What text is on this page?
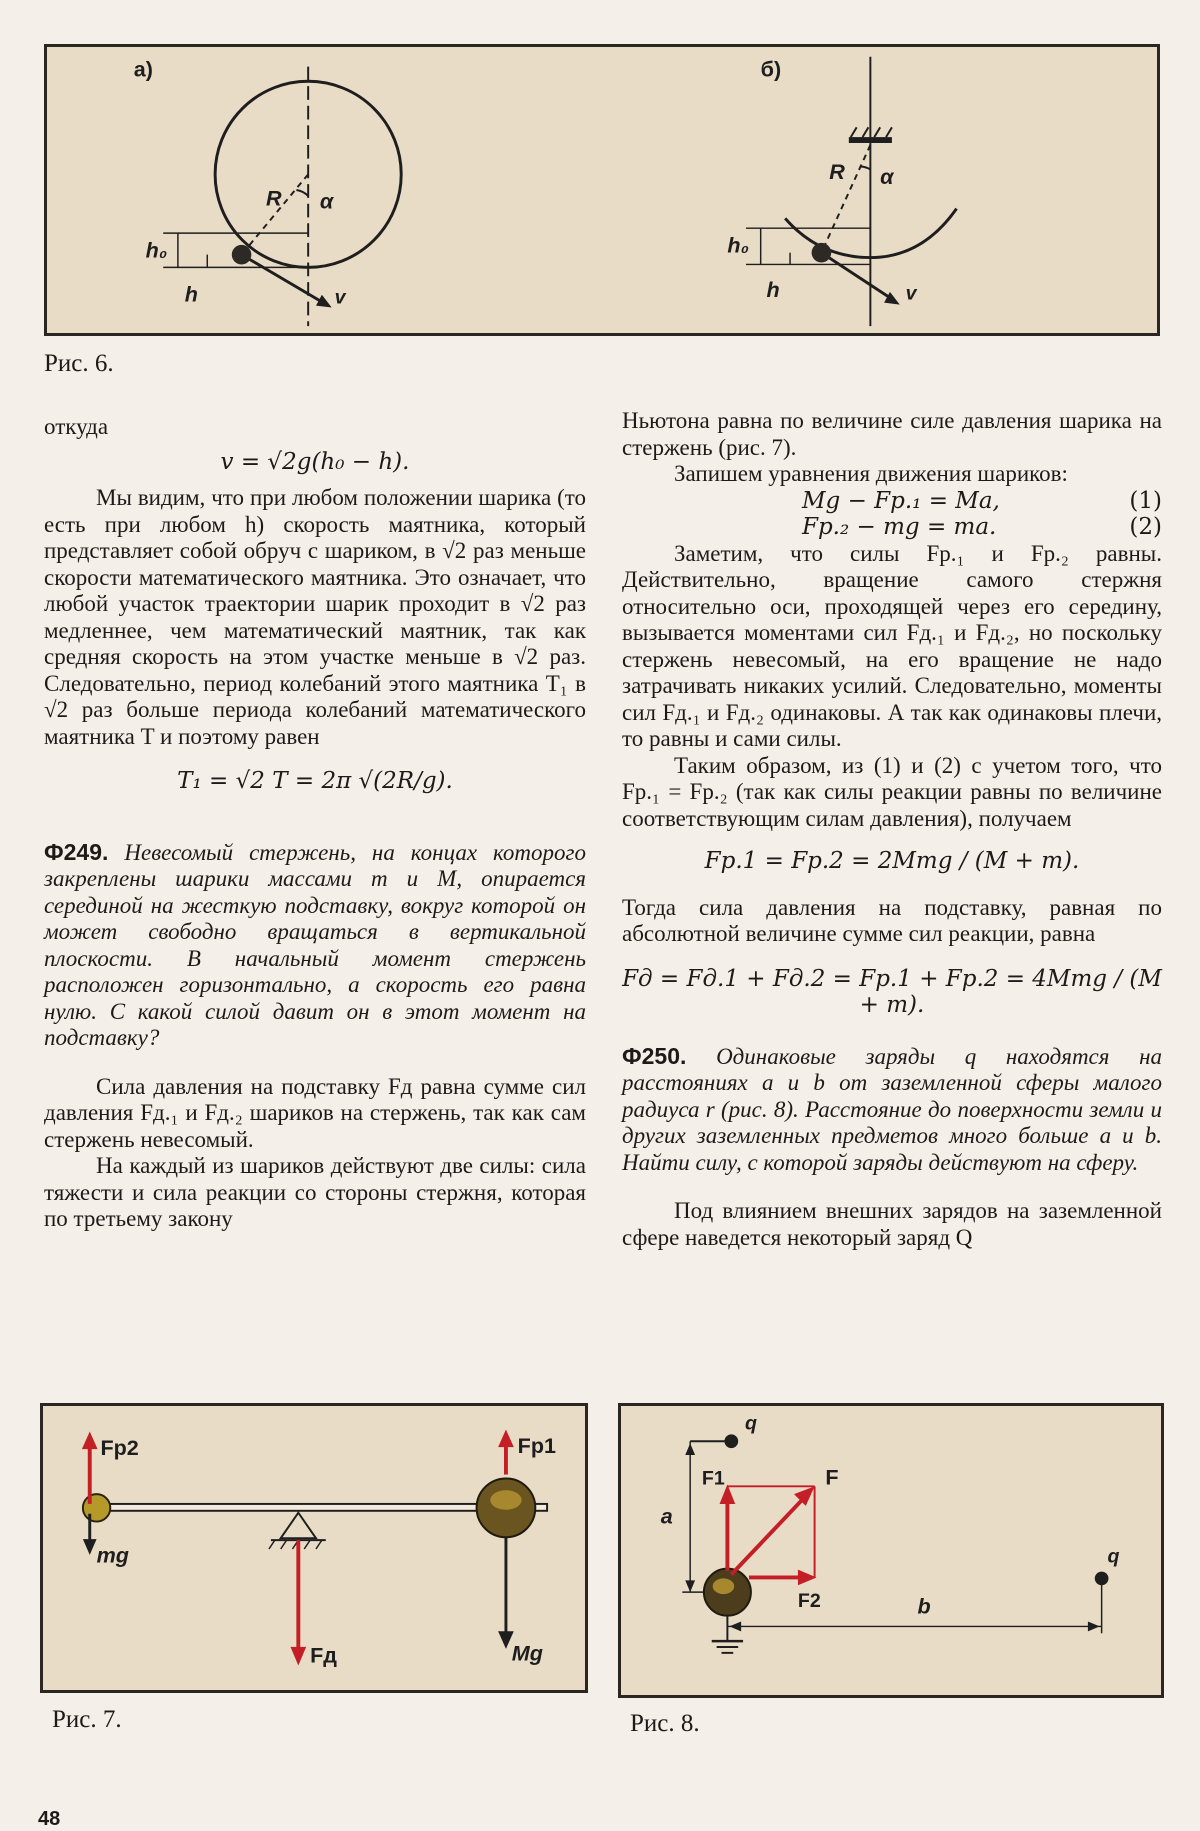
а)
R α
h₀
h	v
б)
R α
h₀
h	v
Рис. 6.

откуда

v = √2g(h₀ − h).

Мы видим, что при любом положении шарика (то есть при любом h) скорость маятника, который представляет собой обруч с шариком, в √2 раз меньше скорости математического маятника. Это означает, что любой участок траектории шарик проходит в √2 раз медленнее, чем математический маятник, так как средняя скорость на этом участке меньше в √2 раз. Следовательно, период колебаний этого маятника T₁ в √2 раз больше периода колебаний математического маятника T и поэтому равен

T₁ = √2 T = 2π √(2R/g).

Ф249. Невесомый стержень, на концах которого закреплены шарики массами m и M, опирается серединой на жесткую подставку, вокруг которой он может свободно вращаться в вертикальной плоскости. В начальный момент стержень расположен горизонтально, а скорость его равна нулю. С какой силой давит он в этот момент на подставку?

Сила давления на подставку Fд равна сумме сил давления Fд.₁ и Fд.₂ шариков на стержень, так как сам стержень невесомый.

На каждый из шариков действуют две силы: сила тяжести и сила реакции со стороны стержня, которая по третьему закону

Ньютона равна по величине силе давления шарика на стержень (рис. 7).

Запишем уравнения движения шариков:

Mg − Fр.₁ = Ma,	(1)
Fр.₂ − mg = ma.	(2)

Заметим, что силы Fр.₁ и Fр.₂ равны. Действительно, вращение самого стержня относительно оси, проходящей через его середину, вызывается моментами сил Fд.₁ и Fд.₂, но поскольку стержень невесомый, на его вращение не надо затрачивать никаких усилий. Следовательно, моменты сил Fд.₁ и Fд.₂ одинаковы. А так как одинаковы плечи, то равны и сами силы.

Таким образом, из (1) и (2) с учетом того, что Fр.₁ = Fр.₂ (так как силы реакции равны по величине соответствующим силам давления), получаем

Fр.1 = Fр.2 = 2Mmg / (M + m).

Тогда сила давления на подставку, равная по абсолютной величине сумме сил реакции, равна

Fд = Fд.1 + Fд.2 = Fр.1 + Fр.2 = 4Mmg / (M + m).

Ф250. Одинаковые заряды q находятся на расстояниях a и b от заземленной сферы малого радиуса r (рис. 8). Расстояние до поверхности земли и других заземленных предметов много больше a и b. Найти силу, с которой заряды действуют на сферу.

Под влиянием внешних зарядов на заземленной сфере наведется некоторый заряд Q

Fp2	Fp1
mg
Mg
Fд
Рис. 7.
q
q
a
b
F
F1
F2
Рис. 8.
48
